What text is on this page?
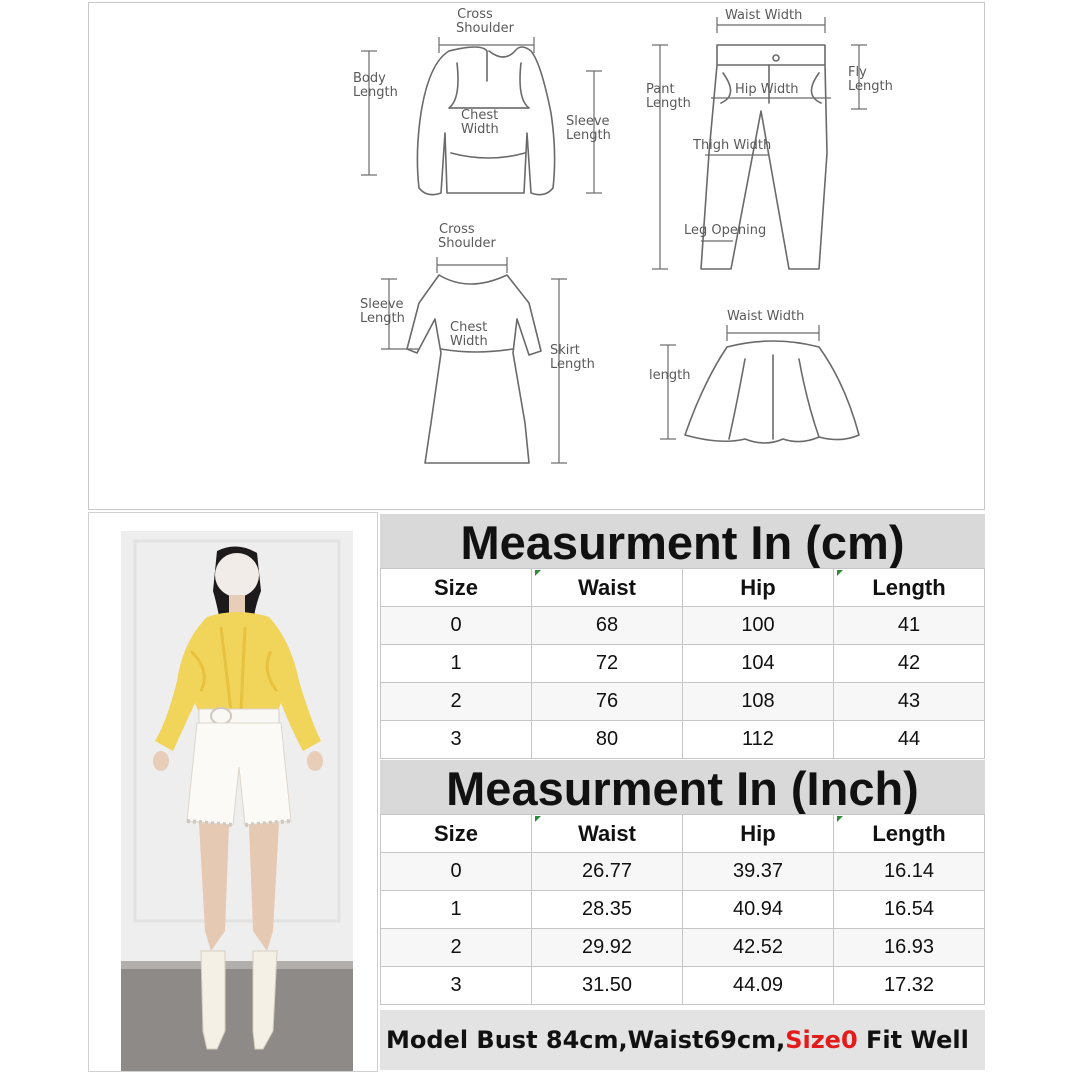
Cross
Shoulder
Body
Length
Chest
Width
Sleeve
Length
Waist Width
Pant
Length
Hip Width
Fly
Length
Thigh Width
Leg Opening
Cross
Shoulder
Sleeve
Length
Chest
Width
Skirt
Length
Waist Width
length
Measurment In (cm)
Size	Waist	Hip	Length
0	68	100	41
1	72	104	42
2	76	108	43
3	80	112	44
Measurment In (Inch)
Size	Waist	Hip	Length
0	26.77	39.37	16.14
1	28.35	40.94	16.54
2	29.92	42.52	16.93
3	31.50	44.09	17.32
Model Bust 84cm,Waist69cm,Size0 Fit Well
